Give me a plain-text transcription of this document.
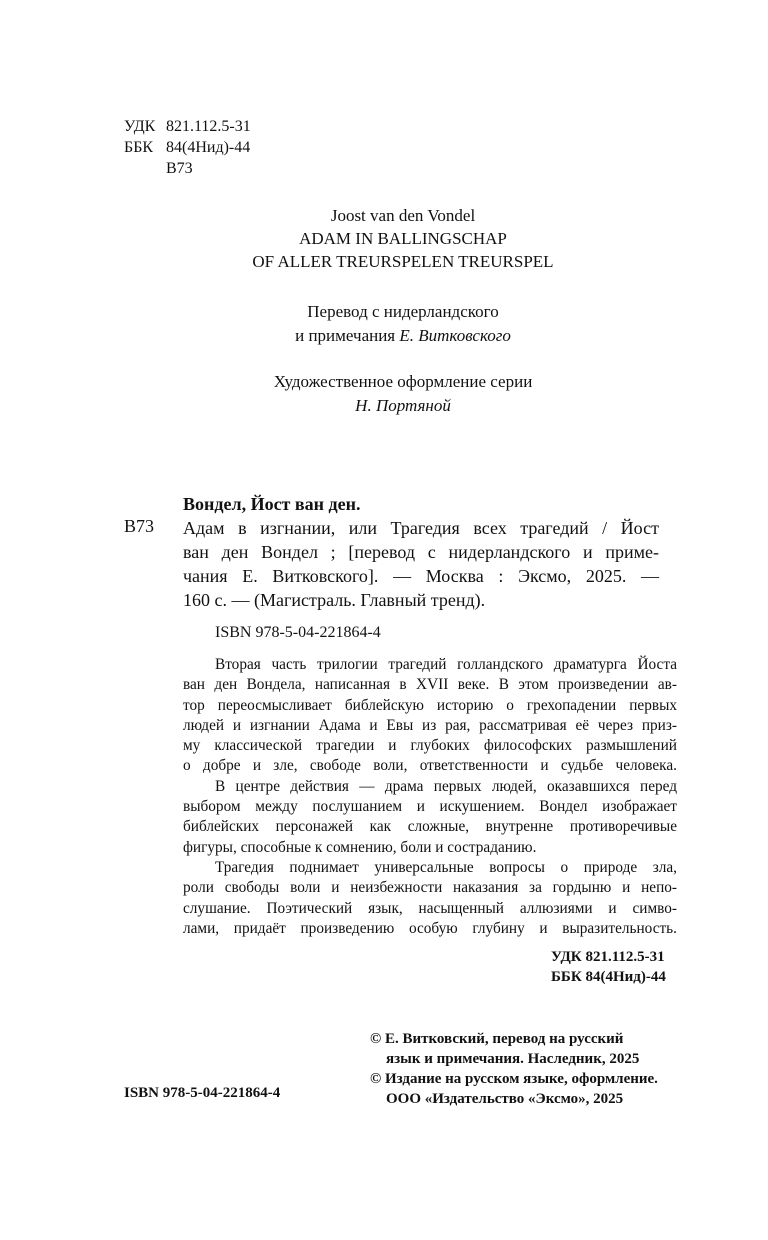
УДК 821.112.5-31
ББК 84(4Нид)-44
В73
Joost van den Vondel
ADAM IN BALLINGSCHAP
OF ALLER TREURSPELEN TREURSPEL
Перевод с нидерландского
и примечания Е. Витковского
Художественное оформление серии
Н. Портяной
Вондел, Йост ван ден.
В73 Адам в изгнании, или Трагедия всех трагедий / Йост
ван ден Вондел ; [перевод с нидерландского и приме-
чания Е. Витковского]. — Москва : Эксмо, 2025. —
160 с. — (Магистраль. Главный тренд).
ISBN 978-5-04-221864-4
Вторая часть трилогии трагедий голландского драматурга Йоста
ван ден Вондела, написанная в XVII веке. В этом произведении ав-
тор переосмысливает библейскую историю о грехопадении первых
людей и изгнании Адама и Евы из рая, рассматривая её через приз-
му классической трагедии и глубоких философских размышлений
о добре и зле, свободе воли, ответственности и судьбе человека.
В центре действия — драма первых людей, оказавшихся перед
выбором между послушанием и искушением. Вондел изображает
библейских персонажей как сложные, внутренне противоречивые
фигуры, способные к сомнению, боли и состраданию.
Трагедия поднимает универсальные вопросы о природе зла,
роли свободы воли и неизбежности наказания за гордыню и непо-
слушание. Поэтический язык, насыщенный аллюзиями и симво-
лами, придаёт произведению особую глубину и выразительность.
УДК 821.112.5-31
ББК 84(4Нид)-44
© Е. Витковский, перевод на русский
язык и примечания. Наследник, 2025
© Издание на русском языке, оформление.
ООО «Издательство «Эксмо», 2025
ISBN 978-5-04-221864-4
